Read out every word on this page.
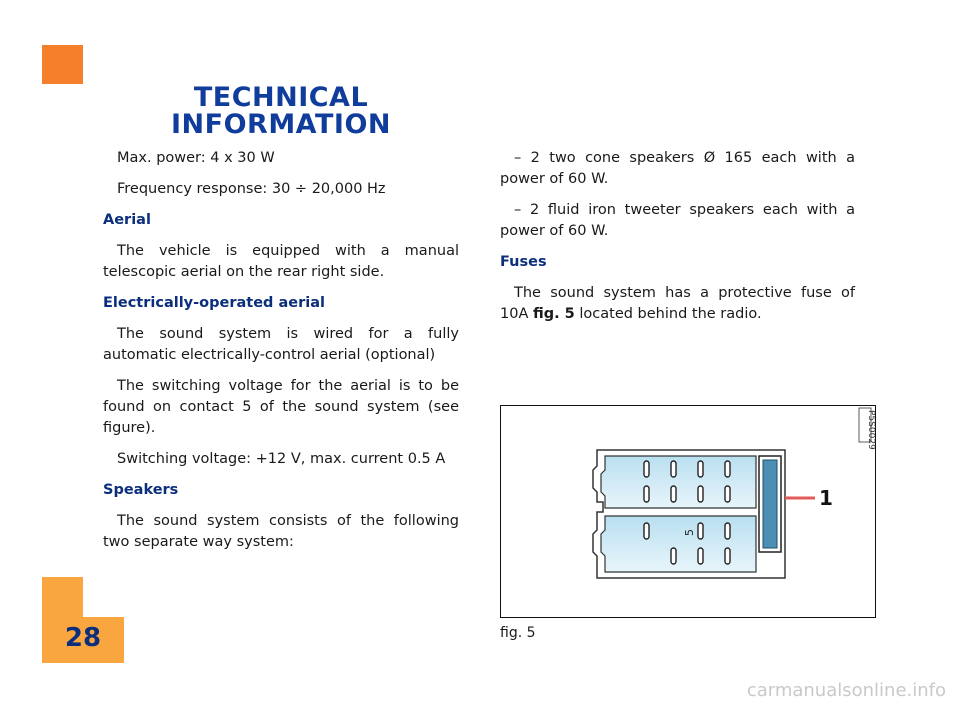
TECHNICAL
INFORMATION

Max. power: 4 x 30 W

Frequency response: 30 ÷ 20,000 Hz

Aerial

The vehicle is equipped with a manual telescopic aerial on the rear right side.

Electrically-operated aerial

The sound system is wired for a fully automatic electrically-control aerial (optional)

The switching voltage for the aerial is to be found on contact 5 of the sound system (see figure).

Switching voltage: +12 V, max. current 0.5 A

Speakers

The sound system consists of the following two separate way system:

– 2 two cone speakers Ø 165 each with a power of 60 W.

– 2 fluid iron tweeter speakers each with a power of 60 W.

Fuses

The sound system has a protective fuse of 10A fig. 5 located behind the radio.

5
1
P5S0029
fig. 5
28
carmanualsonline.info
